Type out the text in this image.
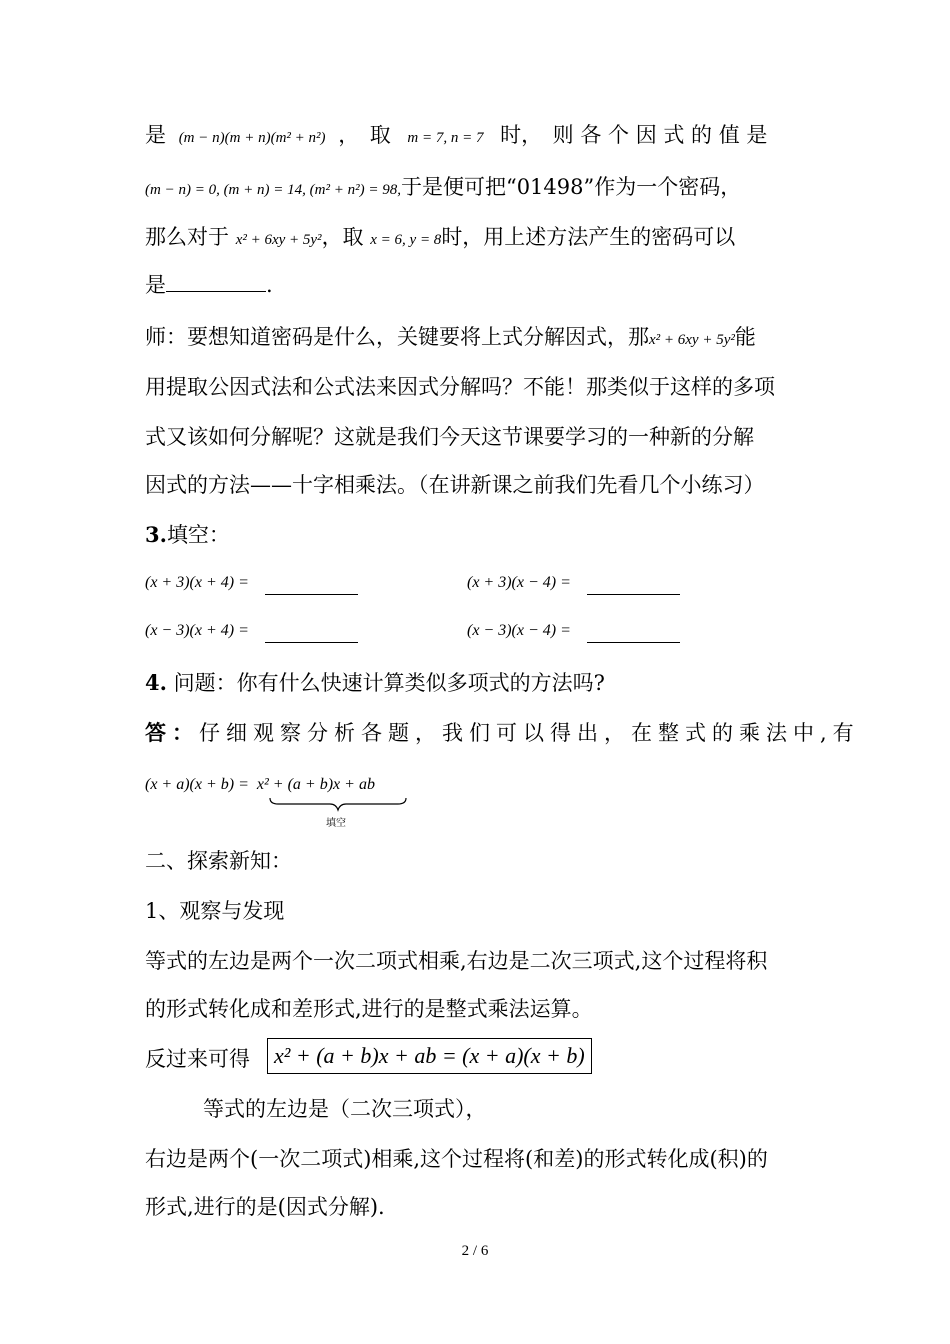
是 (m − n)(m + n)(m² + n²) ，　取 m = 7, n = 7 时，　则 各 个 因 式 的 值 是
(m − n) = 0, (m + n) = 14, (m² + n²) = 98,于是便可把“01498”作为一个密码，
那么对于 x² + 6xy + 5y²，取 x = 6, y = 8时，用上述方法产生的密码可以
是	.
师：要想知道密码是什么，关键要将上式分解因式，那x² + 6xy + 5y²能
用提取公因式法和公式法来因式分解吗？不能！那类似于这样的多项
式又该如何分解呢？这就是我们今天这节课要学习的一种新的分解
因式的方法——十字相乘法。（在讲新课之前我们先看几个小练习）
3.填空：
(x + 3)(x + 4) =	(x + 3)(x − 4) =
(x − 3)(x + 4) =	(x − 3)(x − 4) =
4. 问题：你有什么快速计算类似多项式的方法吗?
答：仔细观察分析各题，我们可以得出，在整式的乘法中,有
(x + a)(x + b) = x² + (a + b)x + ab
填空
二、探索新知：
1、观察与发现
等式的左边是两个一次二项式相乘,右边是二次三项式,这个过程将积
的形式转化成和差形式,进行的是整式乘法运算。
反过来可得	x² + (a + b)x + ab = (x + a)(x + b)
等式的左边是（二次三项式），
右边是两个(一次二项式)相乘,这个过程将(和差)的形式转化成(积)的
形式,进行的是(因式分解).
2 / 6
